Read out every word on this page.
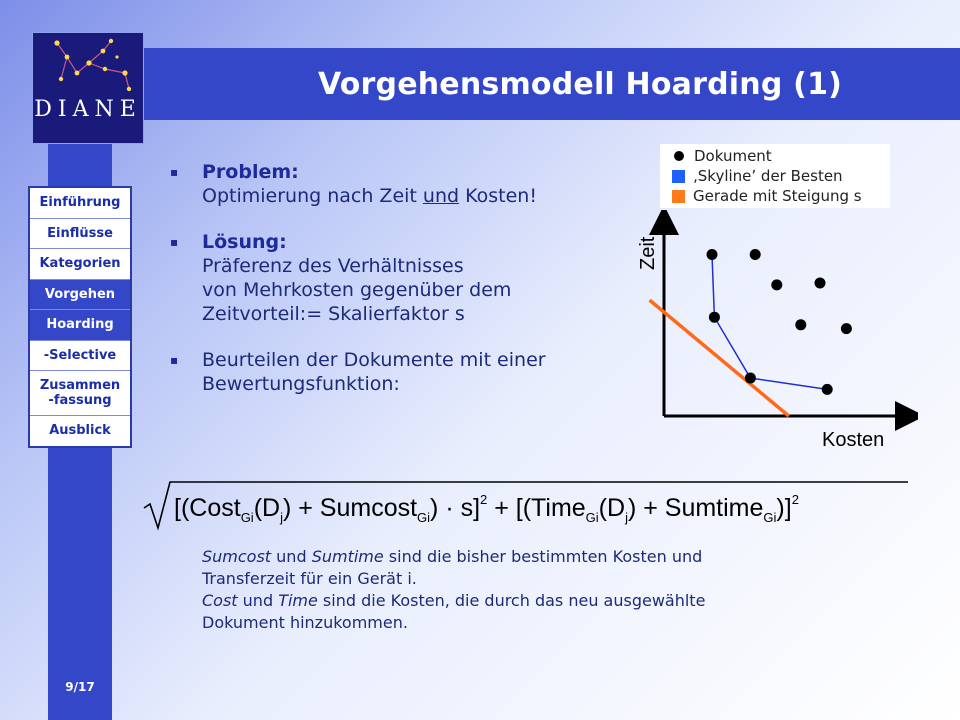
Vorgehensmodell Hoarding (1)
DIANE
Einführung
Einflüsse
Kategorien
Vorgehen
Hoarding
-Selective
Zusammen
-fassung
Ausblick
9/17
▪	Problem:
Optimierung nach Zeit und Kosten!
▪	Lösung:
Präferenz des Verhältnisses
von Mehrkosten gegenüber dem
Zeitvorteil:= Skalierfaktor s
▪	Beurteilen der Dokumente mit einer
Bewertungsfunktion:
$[(Cost_{Gi}(D_j) + Sumcost_{Gi}) \cdot s]^2$ + [($Time_{Gi}(D_j)$ + Sumtime$_{Gi}$)]$^2$
Sumcost und Sumtime sind die bisher bestimmten Kosten und
Transferzeit für ein Gerät i.
Cost und Time sind die Kosten, die durch das neu ausgewählte
Dokument hinzukommen.
Dokument
‚Skyline’ der Besten
Gerade mit Steigung s
Zeit
Kosten
